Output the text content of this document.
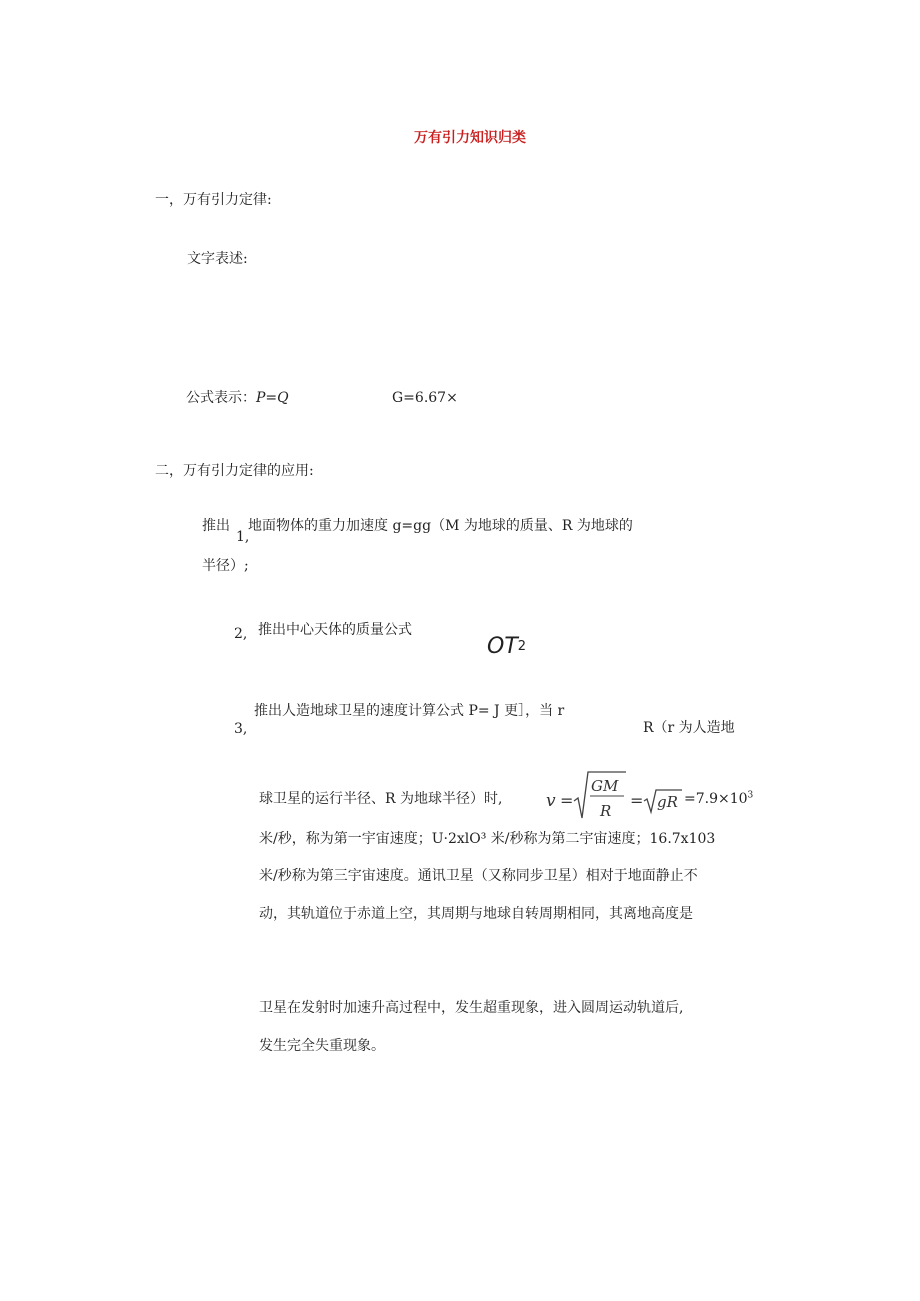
万有引力知识归类
一，万有引力定律:
文字表述:
公式表示：P=Q	G=6.67×
二，万有引力定律的应用:
推出
1,
地面物体的重力加速度 g=gg（M 为地球的质量、R 为地球的
半径）;
2, 推出中心天体的质量公式
$OT^2$
推出人造地球卫星的速度计算公式 P= J 更］，当 r
3,	R（r 为人造地
球卫星的运行半径、R 为地球半径）时,	v =
GM
R
= gR $=7.9\times 10^3$
米/秒，称为第一宇宙速度；U·2xlO³ 米/秒称为第二宇宙速度；16.7x103
米/秒称为第三宇宙速度。通讯卫星（又称同步卫星）相对于地面静止不
动，其轨道位于赤道上空，其周期与地球自转周期相同，其离地高度是
卫星在发射时加速升高过程中，发生超重现象，进入圆周运动轨道后,
发生完全失重现象。
